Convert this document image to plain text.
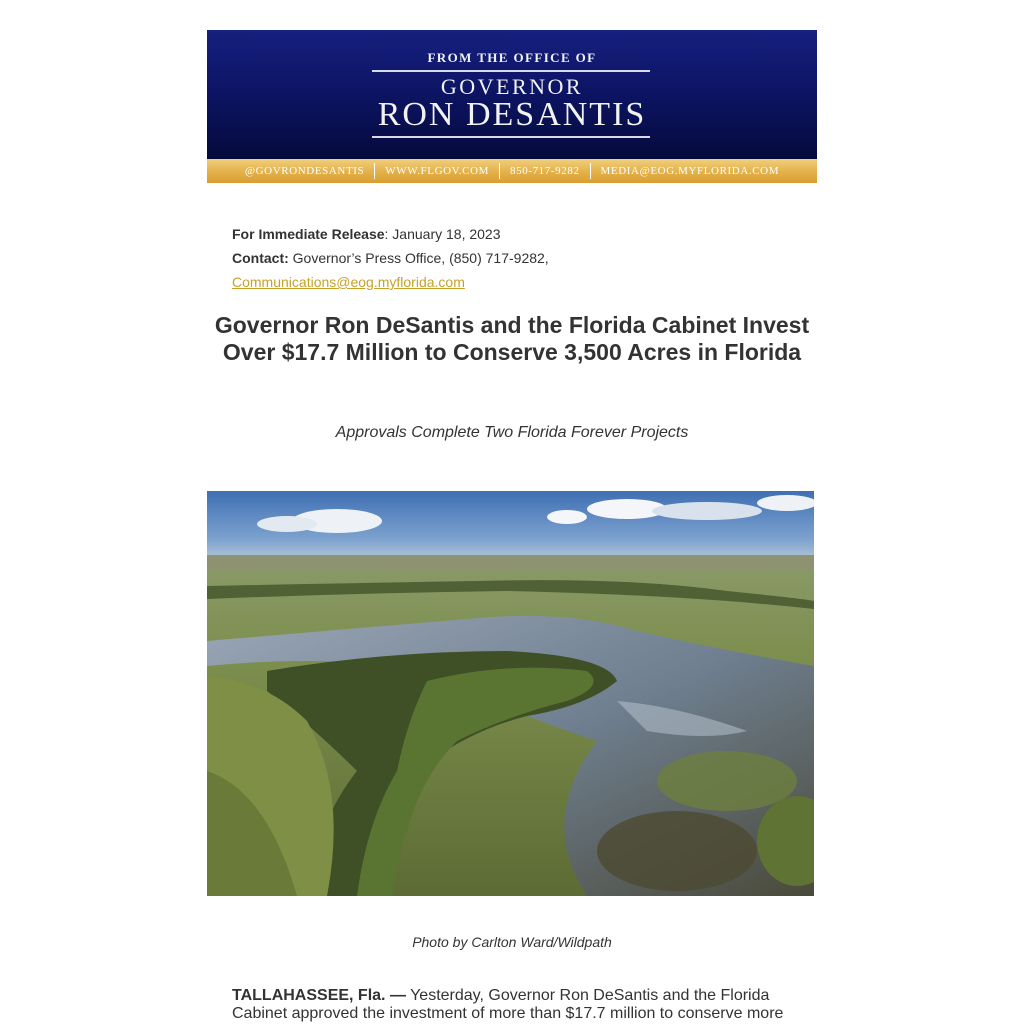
FROM THE OFFICE OF
GOVERNOR
RON DESANTIS
@GOVRONDESANTIS	WWW.FLGOV.COM	850-717-9282	MEDIA@EOG.MYFLORIDA.COM
For Immediate Release: January 18, 2023
Contact: Governor’s Press Office, (850) 717-9282,
Communications@eog.myflorida.com
Governor Ron DeSantis and the Florida Cabinet Invest Over $17.7 Million to Conserve 3,500 Acres in Florida
Approvals Complete Two Florida Forever Projects
Photo by Carlton Ward/Wildpath
TALLAHASSEE, Fla. — Yesterday, Governor Ron DeSantis and the Florida Cabinet approved the investment of more than $17.7 million to conserve more
